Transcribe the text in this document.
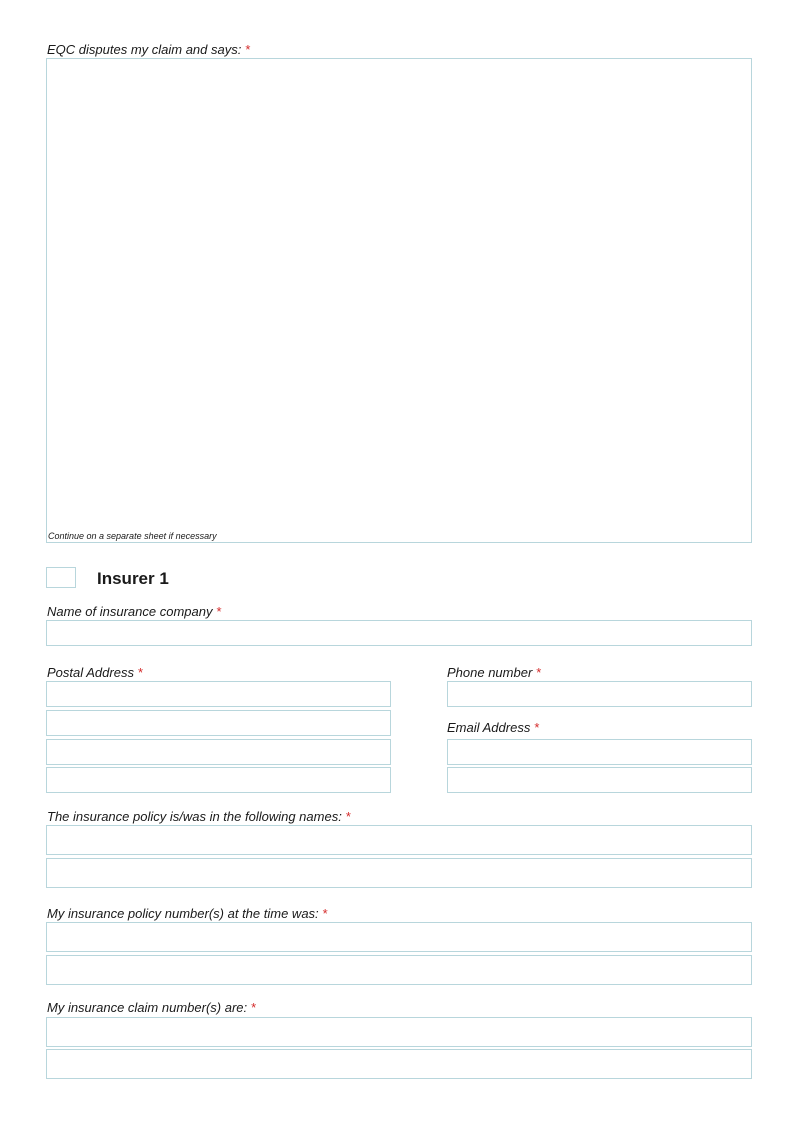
EQC disputes my claim and says: *
Continue on a separate sheet if necessary
Insurer 1
Name of insurance company *
Postal Address *	Phone number *
Email Address *
The insurance policy is/was in the following names: *
My insurance policy number(s) at the time was: *
My insurance claim number(s) are: *
